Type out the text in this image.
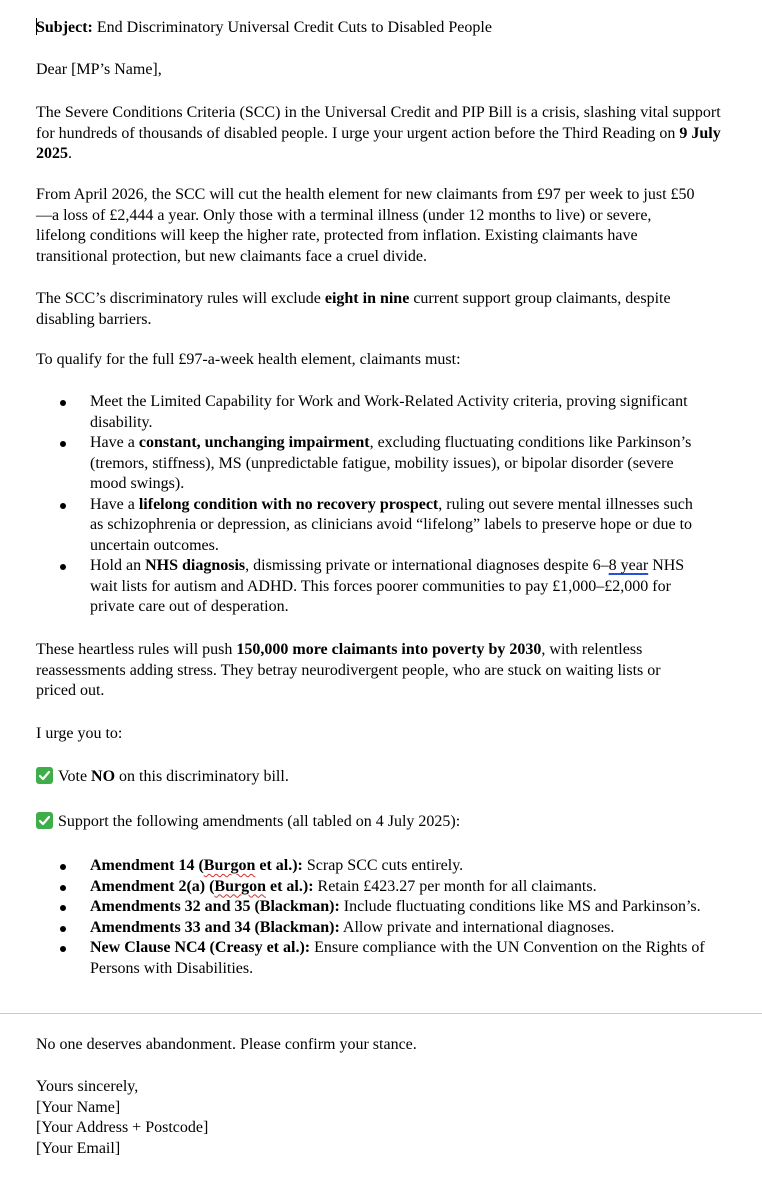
Subject: End Discriminatory Universal Credit Cuts to Disabled People

Dear [MP’s Name],

The Severe Conditions Criteria (SCC) in the Universal Credit and PIP Bill is a crisis, slashing vital support for hundreds of thousands of disabled people. I urge your urgent action before the Third Reading on 9 July 2025.

From April 2026, the SCC will cut the health element for new claimants from £97 per week to just £50—a loss of £2,444 a year. Only those with a terminal illness (under 12 months to live) or severe, lifelong conditions will keep the higher rate, protected from inflation. Existing claimants have transitional protection, but new claimants face a cruel divide.

The SCC’s discriminatory rules will exclude eight in nine current support group claimants, despite disabling barriers.

To qualify for the full £97-a-week health element, claimants must:

Meet the Limited Capability for Work and Work-Related Activity criteria, proving significant disability.
Have a constant, unchanging impairment, excluding fluctuating conditions like Parkinson’s (tremors, stiffness), MS (unpredictable fatigue, mobility issues), or bipolar disorder (severe mood swings).
Have a lifelong condition with no recovery prospect, ruling out severe mental illnesses such as schizophrenia or depression, as clinicians avoid “lifelong” labels to preserve hope or due to uncertain outcomes.
Hold an NHS diagnosis, dismissing private or international diagnoses despite 6–8 year NHS wait lists for autism and ADHD. This forces poorer communities to pay £1,000–£2,000 for private care out of desperation.

These heartless rules will push 150,000 more claimants into poverty by 2030, with relentless reassessments adding stress. They betray neurodivergent people, who are stuck on waiting lists or priced out.

I urge you to:

Vote NO on this discriminatory bill.

Support the following amendments (all tabled on 4 July 2025):

Amendment 14 (Burgon et al.): Scrap SCC cuts entirely.
Amendment 2(a) (Burgon et al.): Retain £423.27 per month for all claimants.
Amendments 32 and 35 (Blackman): Include fluctuating conditions like MS and Parkinson’s.
Amendments 33 and 34 (Blackman): Allow private and international diagnoses.
New Clause NC4 (Creasy et al.): Ensure compliance with the UN Convention on the Rights of Persons with Disabilities.

No one deserves abandonment. Please confirm your stance.

Yours sincerely,
[Your Name]
[Your Address + Postcode]
[Your Email]
